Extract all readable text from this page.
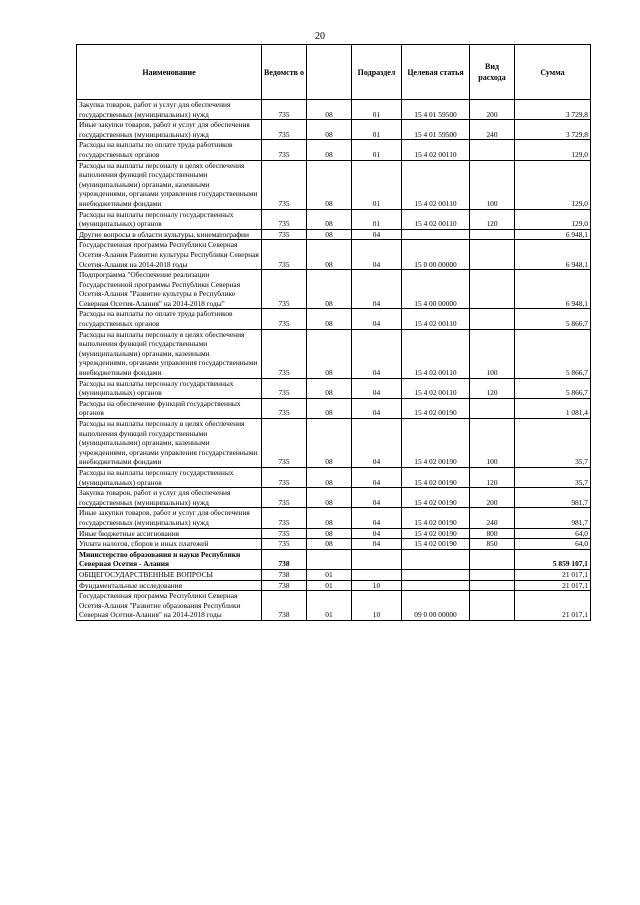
20
Наименование	Ведомств о		Подраздел	Целевая статья	Вид расхода	Сумма
Закупка товаров, работ и услуг для обеспечения государственных (муниципальных) нужд	735	08	01	15 4 01 59500	200	3 729,8
Иные закупки товаров, работ и услуг для обеспечения государственных (муниципальных) нужд	735	08	01	15 4 01 59500	240	3 729,8
Расходы на выплаты по оплате труда работников государственных органов	735	08	01	15 4 02 00110		129,0
Расходы на выплаты персоналу в целях обеспечения выполнения функций государственными (муниципальными) органами, казенными учреждениями, органами управления государственными внебюджетными фондами	735	08	01	15 4 02 00110	100	129,0
Расходы на выплаты персоналу государственных (муниципальных) органов	735	08	01	15 4 02 00110	120	129,0
Другие вопросы в области культуры, кинематографии	735	08	04			6 948,1
Государственная программа Республики Северная Осетия-Алания Развитие культуры Республики Северная Осетия-Алания на 2014-2018 годы	735	08	04	15 0 00 00000		6 948,1
Подпрограмма "Обеспечение реализации Государственной программы Республики Северная Осетия-Алания "Развитие культуры в Республике Северная Осетия-Алания" на 2014-2018 годы"	735	08	04	15 4 00 00000		6 948,1
Расходы на выплаты по оплате труда работников государственных органов	735	08	04	15 4 02 00110		5 866,7
Расходы на выплаты персоналу в целях обеспечения выполнения функций государственными (муниципальными) органами, казенными учреждениями, органами управления государственными внебюджетными фондами	735	08	04	15 4 02 00110	100	5 866,7
Расходы на выплаты персоналу государственных (муниципальных) органов	735	08	04	15 4 02 00110	120	5 866,7
Расходы на обеспечение функций государственных органов	735	08	04	15 4 02 00190		1 081,4
Расходы на выплаты персоналу в целях обеспечения выполнения функций государственными (муниципальными) органами, казенными учреждениями, органами управления государственными внебюджетными фондами	735	08	04	15 4 02 00190	100	35,7
Расходы на выплаты персоналу государственных (муниципальных) органов	735	08	04	15 4 02 00190	120	35,7
Закупка товаров, работ и услуг для обеспечения государственных (муниципальных) нужд	735	08	04	15 4 02 00190	200	981,7
Иные закупки товаров, работ и услуг для обеспечения государственных (муниципальных) нужд	735	08	04	15 4 02 00190	240	981,7
Иные бюджетные ассигнования	735	08	04	15 4 02 00190	800	64,0
Уплата налогов, сборов и иных платежей	735	08	04	15 4 02 00190	850	64,0
Министерство образования и науки Республики Северная Осетия - Алания	738					5 859 107,1
ОБЩЕГОСУДАРСТВЕННЫЕ ВОПРОСЫ	738	01				21 017,1
Фундаментальные исследования	738	01	10			21 017,1
Государственная программа Республики Северная Осетия-Алания "Развитие образования Республики Северная Осетия-Алания" на 2014-2018 годы	738	01	10	09 0 00 00000		21 017,1
